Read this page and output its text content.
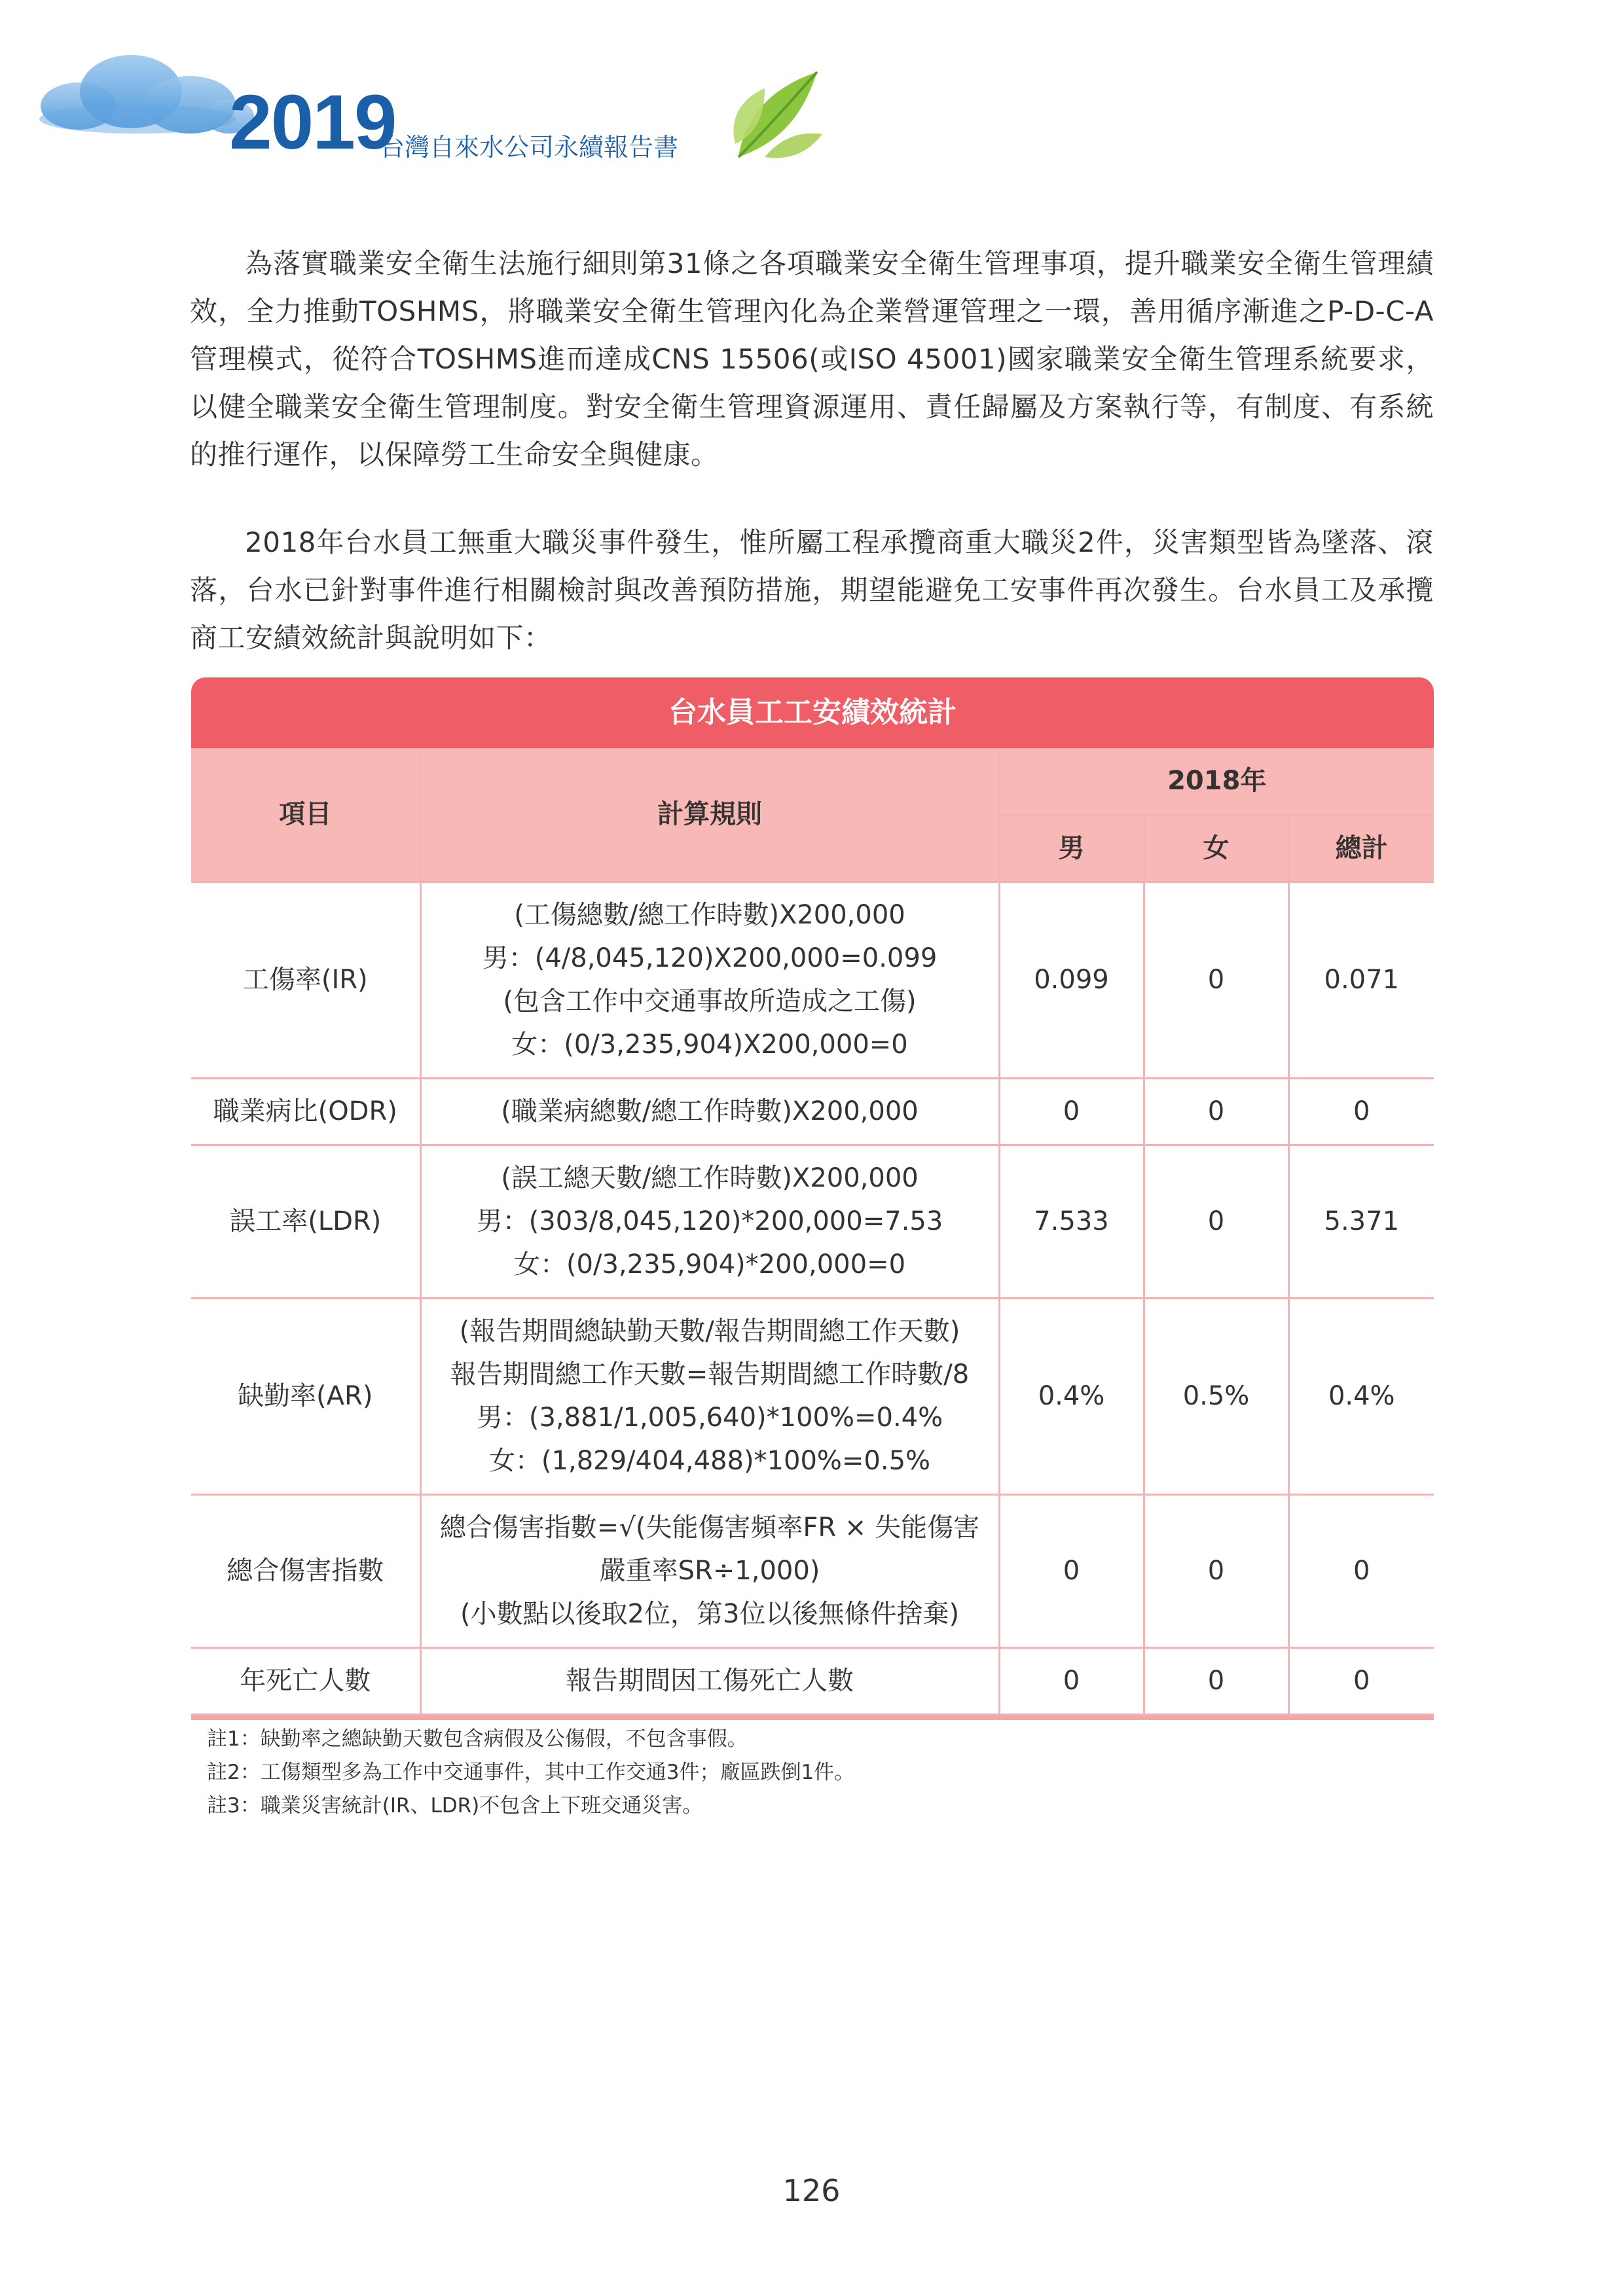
2019
台灣自來水公司永續報告書

為落實職業安全衛生法施行細則第31條之各項職業安全衛生管理事項，提升職業安全衛生管理績效，全力推動TOSHMS，將職業安全衛生管理內化為企業營運管理之一環，善用循序漸進之P-D-C-A管理模式，從符合TOSHMS進而達成CNS 15506(或ISO 45001)國家職業安全衛生管理系統要求，以健全職業安全衛生管理制度。對安全衛生管理資源運用、責任歸屬及方案執行等，有制度、有系統的推行運作，以保障勞工生命安全與健康。

2018年台水員工無重大職災事件發生，惟所屬工程承攬商重大職災2件，災害類型皆為墜落、滾落，台水已針對事件進行相關檢討與改善預防措施，期望能避免工安事件再次發生。台水員工及承攬商工安績效統計與說明如下：

台水員工工安績效統計
項目	計算規則	2018年		
		男	女	總計
工傷率(IR)	(工傷總數/總工作時數)X200,000
男：(4/8,045,120)X200,000=0.099
(包含工作中交通事故所造成之工傷)
女：(0/3,235,904)X200,000=0	0.099	0	0.071
職業病比(ODR)	(職業病總數/總工作時數)X200,000	0	0	0
誤工率(LDR)	(誤工總天數/總工作時數)X200,000
男：(303/8,045,120)*200,000=7.53
女：(0/3,235,904)*200,000=0	7.533	0	5.371
缺勤率(AR)	(報告期間總缺勤天數/報告期間總工作天數)
報告期間總工作天數=報告期間總工作時數/8
男：(3,881/1,005,640)*100%=0.4%
女：(1,829/404,488)*100%=0.5%	0.4%	0.5%	0.4%
總合傷害指數	總合傷害指數=√(失能傷害頻率FR × 失能傷害
嚴重率SR÷1,000)
(小數點以後取2位，第3位以後無條件捨棄)	0	0	0
年死亡人數	報告期間因工傷死亡人數	0	0	0
註1：缺勤率之總缺勤天數包含病假及公傷假，不包含事假。
註2：工傷類型多為工作中交通事件，其中工作交通3件；廠區跌倒1件。
註3：職業災害統計(IR、LDR)不包含上下班交通災害。
126
